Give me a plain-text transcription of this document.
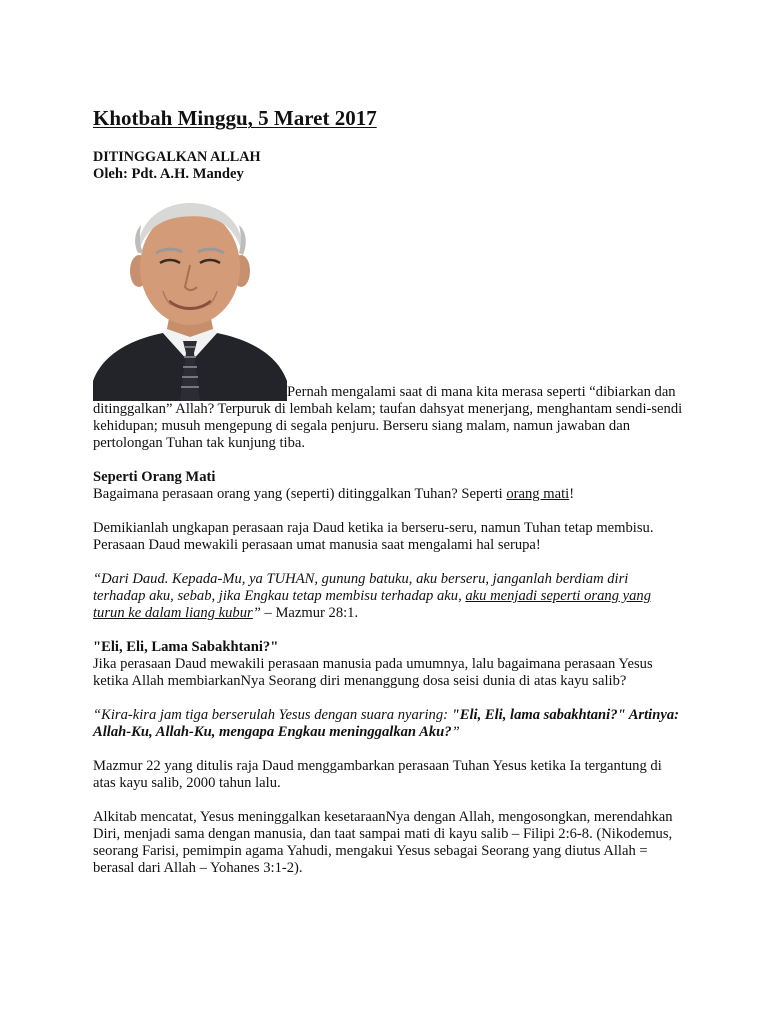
Khotbah Minggu, 5 Maret 2017
DITINGGALKAN ALLAH
Oleh: Pdt. A.H. Mandey
Pernah mengalami saat di mana kita merasa seperti “dibiarkan dan ditinggalkan” Allah? Terpuruk di lembah kelam; taufan dahsyat menerjang, menghantam sendi-sendi kehidupan; musuh mengepung di segala penjuru. Berseru siang malam, namun jawaban dan pertolongan Tuhan tak kunjung tiba.

Seperti Orang Mati
Bagaimana perasaan orang yang (seperti) ditinggalkan Tuhan? Seperti orang mati!

Demikianlah ungkapan perasaan raja Daud ketika ia berseru-seru, namun Tuhan tetap membisu. Perasaan Daud mewakili perasaan umat manusia saat mengalami hal serupa!

“Dari Daud. Kepada-Mu, ya TUHAN, gunung batuku, aku berseru, janganlah berdiam diri terhadap aku, sebab, jika Engkau tetap membisu terhadap aku, aku menjadi seperti orang yang turun ke dalam liang kubur” – Mazmur 28:1.

"Eli, Eli, Lama Sabakhtani?"
Jika perasaan Daud mewakili perasaan manusia pada umumnya, lalu bagaimana perasaan Yesus ketika Allah membiarkanNya Seorang diri menanggung dosa seisi dunia di atas kayu salib?

“Kira-kira jam tiga berserulah Yesus dengan suara nyaring: "Eli, Eli, lama sabakhtani?" Artinya: Allah-Ku, Allah-Ku, mengapa Engkau meninggalkan Aku?”

Mazmur 22 yang ditulis raja Daud menggambarkan perasaan Tuhan Yesus ketika Ia tergantung di atas kayu salib, 2000 tahun lalu.

Alkitab mencatat, Yesus meninggalkan kesetaraanNya dengan Allah, mengosongkan, merendahkan Diri, menjadi sama dengan manusia, dan taat sampai mati di kayu salib – Filipi 2:6-8. (Nikodemus, seorang Farisi, pemimpin agama Yahudi, mengakui Yesus sebagai Seorang yang diutus Allah = berasal dari Allah – Yohanes 3:1-2).
